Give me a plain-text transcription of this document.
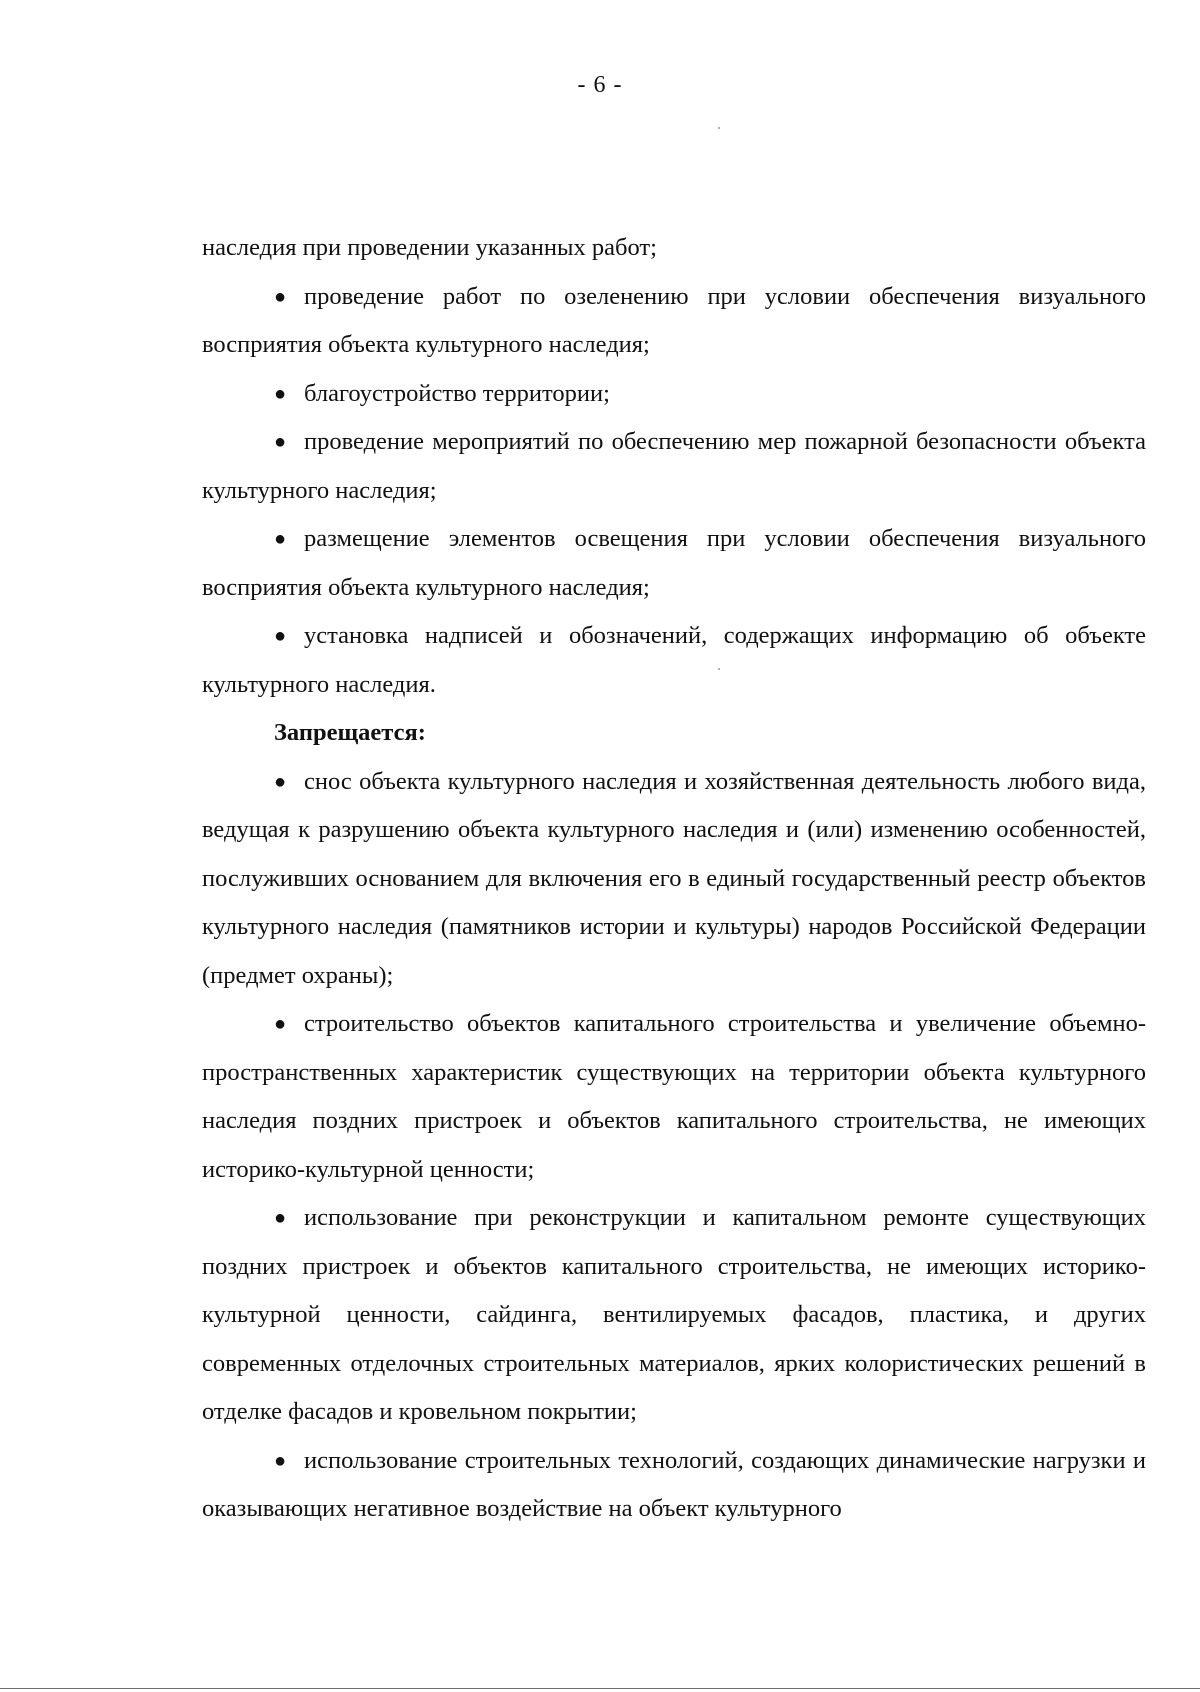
- 6 -

наследия при проведении указанных работ;

● проведение работ по озеленению при условии обеспечения визуального восприятия объекта культурного наследия;

● благоустройство территории;

● проведение мероприятий по обеспечению мер пожарной безопасности объекта культурного наследия;

● размещение элементов освещения при условии обеспечения визуального восприятия объекта культурного наследия;

● установка надписей и обозначений, содержащих информацию об объекте культурного наследия.

Запрещается:

● снос объекта культурного наследия и хозяйственная деятельность любого вида, ведущая к разрушению объекта культурного наследия и (или) изменению особенностей, послуживших основанием для включения его в единый государственный реестр объектов культурного наследия (памятников истории и культуры) народов Российской Федерации (предмет охраны);

● строительство объектов капитального строительства и увеличение объемно-пространственных характеристик существующих на территории объекта культурного наследия поздних пристроек и объектов капитального строительства, не имеющих историко-культурной ценности;

● использование при реконструкции и капитальном ремонте существующих поздних пристроек и объектов капитального строительства, не имеющих историко-культурной ценности, сайдинга, вентилируемых фасадов, пластика, и других современных отделочных строительных материалов, ярких колористических решений в отделке фасадов и кровельном покрытии;

● использование строительных технологий, создающих динамические нагрузки и оказывающих негативное воздействие на объект культурного
